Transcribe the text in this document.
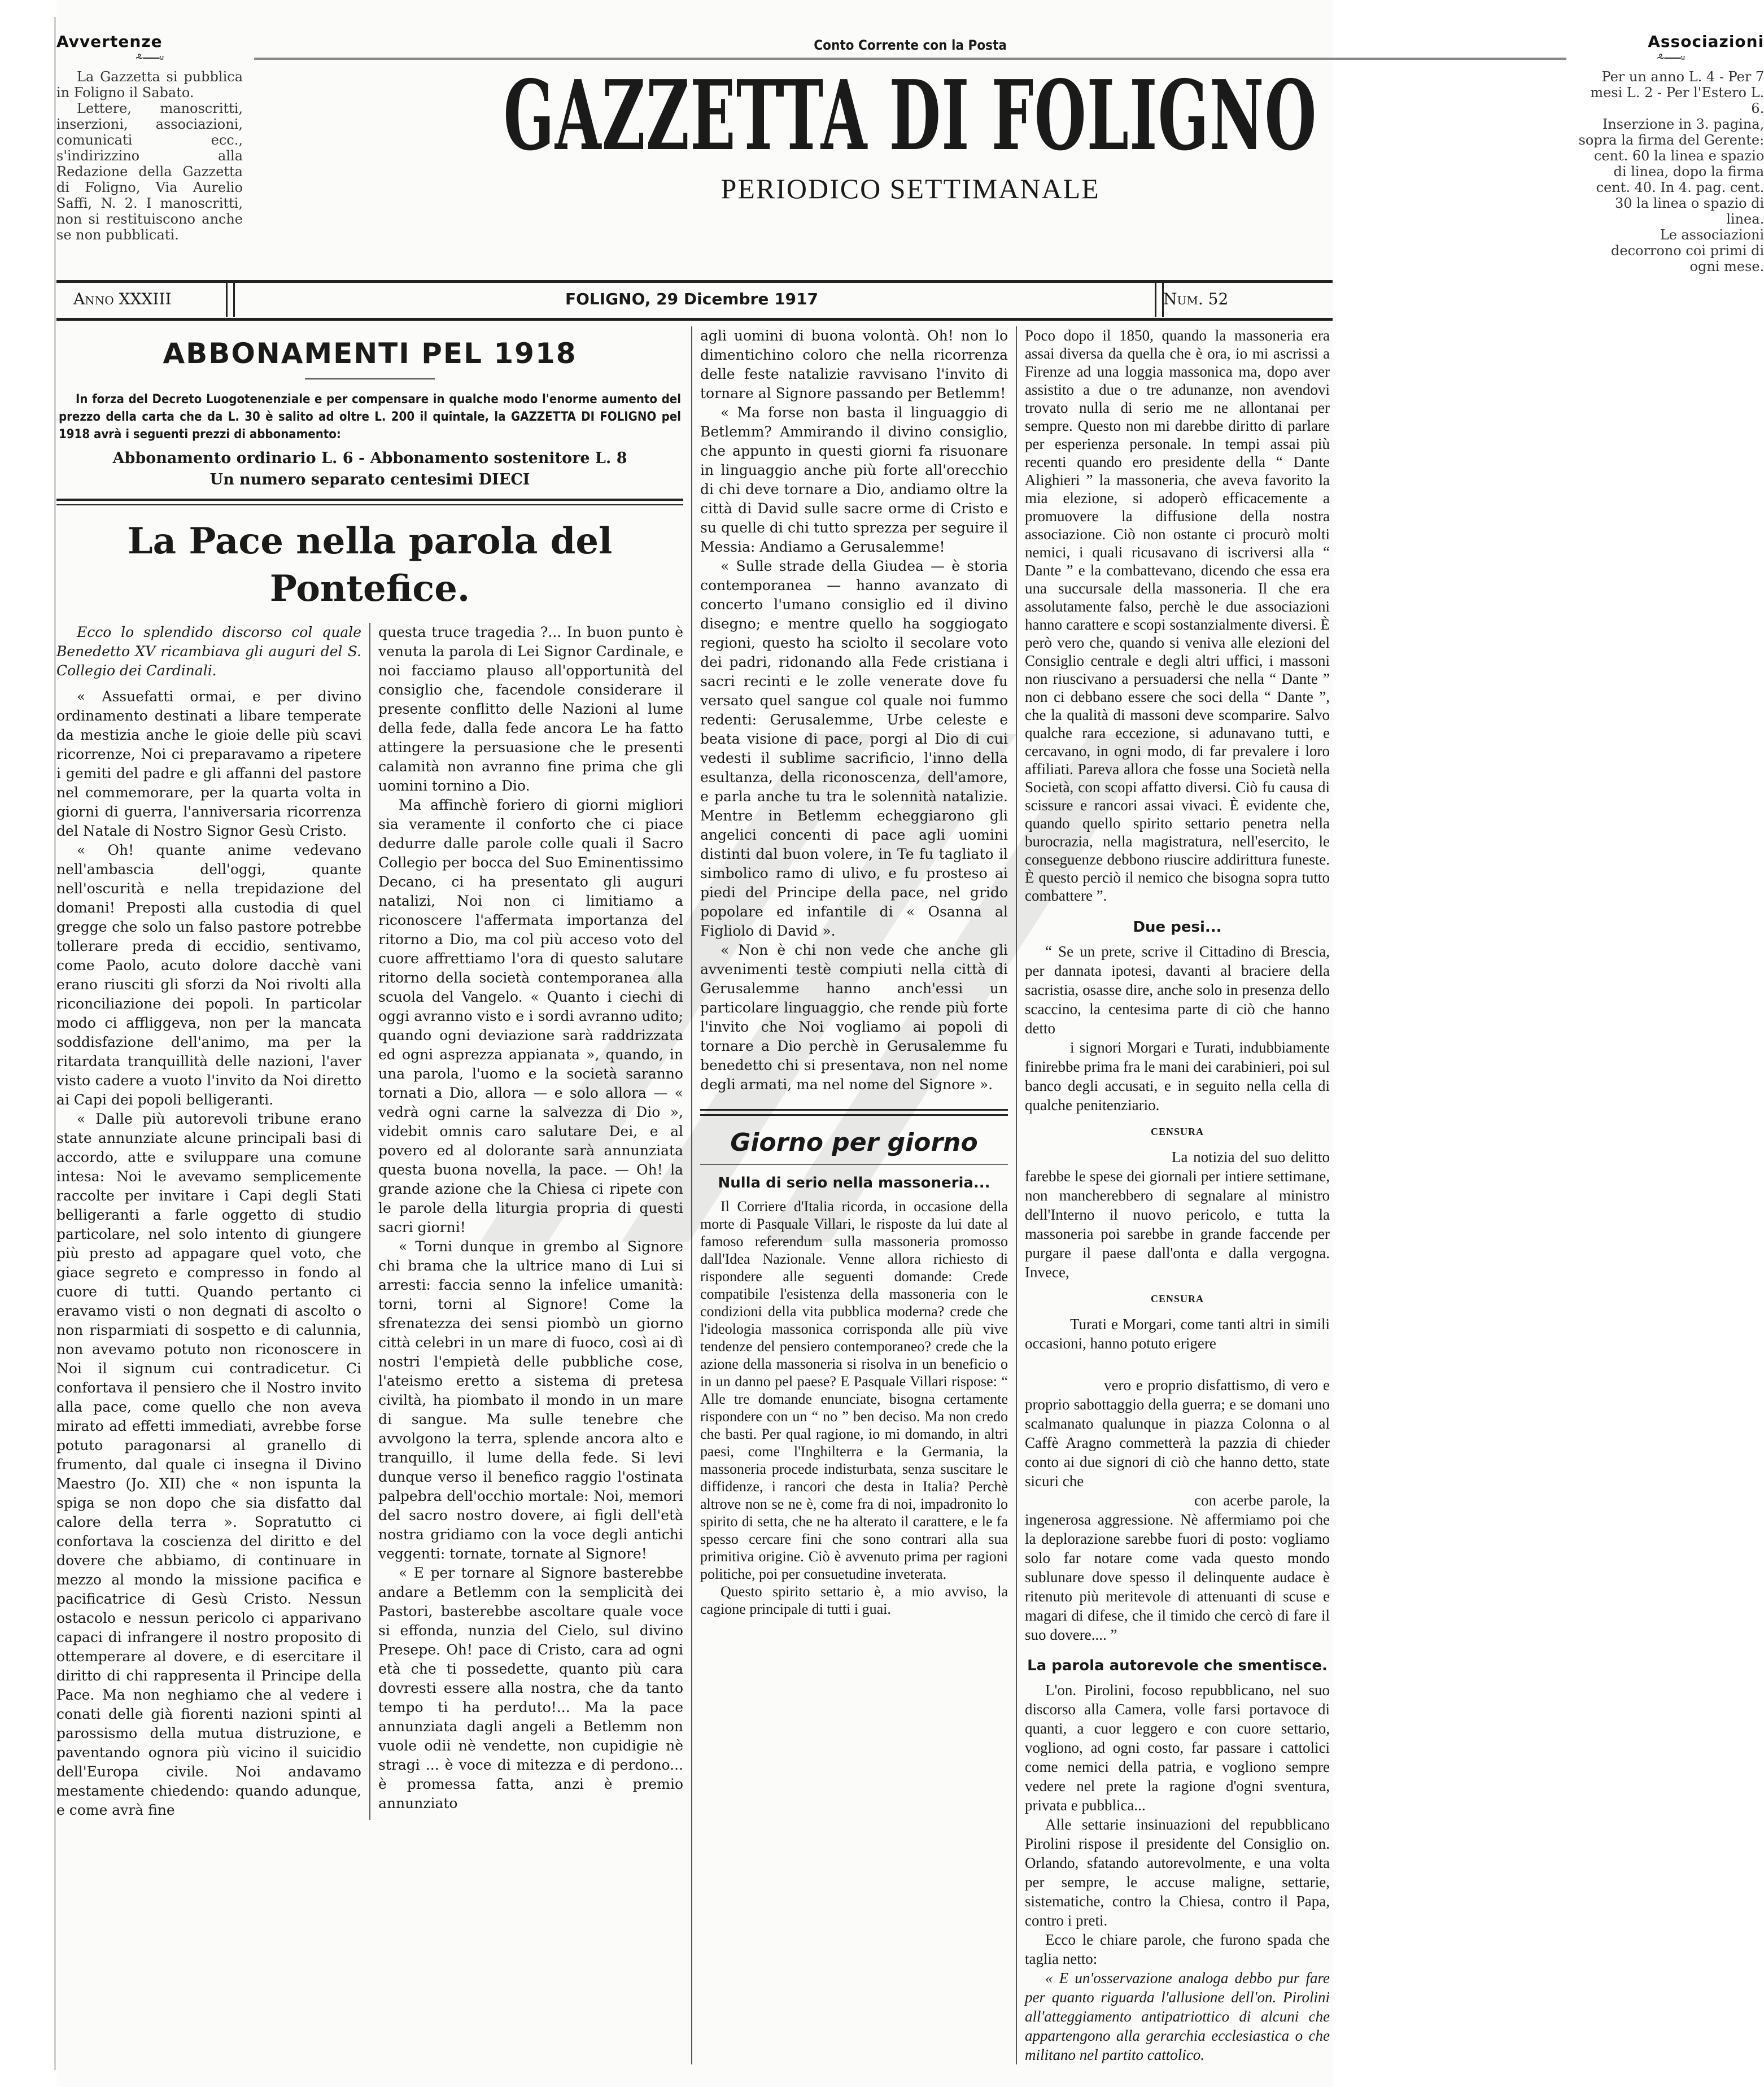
Avvertenze
⸛──⸚

La Gazzetta si pubblica in Foligno il Sabato.

Lettere, manoscritti, inserzioni, associazioni, comunicati ecc., s'indirizzino alla Redazione della Gazzetta di Foligno, Via Aurelio Saffi, N. 2. I manoscritti, non si restituiscono anche se non pubblicati.

Conto Corrente con la Posta
GAZZETTA DI FOLIGNO
PERIODICO SETTIMANALE
Associazioni
⸛──⸚

Per un anno L. 4 - Per 7 mesi L. 2 - Per l'Estero L. 6.

Inserzione in 3. pagina, sopra la firma del Gerente: cent. 60 la linea e spazio di linea, dopo la firma cent. 40. In 4. pag. cent. 30 la linea o spazio di linea.

Le associazioni decorrono coi primi di ogni mese.

Anno XXXIII	FOLIGNO, 29 Dicembre 1917	Num. 52
ABBONAMENTI PEL 1918
In forza del Decreto Luogotenenziale e per compensare in qualche modo l'enorme aumento del prezzo della carta che da L. 30 è salito ad oltre L. 200 il quintale, la GAZZETTA DI FOLIGNO pel 1918 avrà i seguenti prezzi di abbonamento:
Abbonamento ordinario L. 6 - Abbonamento sostenitore L. 8
Un numero separato centesimi DIECI
La Pace nella parola del Pontefice.

Ecco lo splendido discorso col quale Benedetto XV ricambiava gli auguri del S. Collegio dei Cardinali.

« Assuefatti ormai, e per divino ordinamento destinati a libare temperate da mestizia anche le gioie delle più scavi ricorrenze, Noi ci preparavamo a ripetere i gemiti del padre e gli affanni del pastore nel commemorare, per la quarta volta in giorni di guerra, l'anniversaria ricorrenza del Natale di Nostro Signor Gesù Cristo.

« Oh! quante anime vedevano nell'ambascia dell'oggi, quante nell'oscurità e nella trepidazione del domani! Preposti alla custodia di quel gregge che solo un falso pastore potrebbe tollerare preda di eccidio, sentivamo, come Paolo, acuto dolore dacchè vani erano riusciti gli sforzi da Noi rivolti alla riconciliazione dei popoli. In particolar modo ci affliggeva, non per la mancata soddisfazione dell'animo, ma per la ritardata tranquillità delle nazioni, l'aver visto cadere a vuoto l'invito da Noi diretto ai Capi dei popoli belligeranti.

« Dalle più autorevoli tribune erano state annunziate alcune principali basi di accordo, atte e sviluppare una comune intesa: Noi le avevamo semplicemente raccolte per invitare i Capi degli Stati belligeranti a farle oggetto di studio particolare, nel solo intento di giungere più presto ad appagare quel voto, che giace segreto e compresso in fondo al cuore di tutti. Quando pertanto ci eravamo visti o non degnati di ascolto o non risparmiati di sospetto e di calunnia, non avevamo potuto non riconoscere in Noi il signum cui contradicetur. Ci confortava il pensiero che il Nostro invito alla pace, come quello che non aveva mirato ad effetti immediati, avrebbe forse potuto paragonarsi al granello di frumento, dal quale ci insegna il Divino Maestro (Jo. XII) che « non ispunta la spiga se non dopo che sia disfatto dal calore della terra ». Sopratutto ci confortava la coscienza del diritto e del dovere che abbiamo, di continuare in mezzo al mondo la missione pacifica e pacificatrice di Gesù Cristo. Nessun ostacolo e nessun pericolo ci apparivano capaci di infrangere il nostro proposito di ottemperare al dovere, e di esercitare il diritto di chi rappresenta il Principe della Pace. Ma non neghiamo che al vedere i conati delle già fiorenti nazioni spinti al parossismo della mutua distruzione, e paventando ognora più vicino il suicidio dell'Europa civile. Noi andavamo mestamente chiedendo: quando adunque, e come avrà fine

questa truce tragedia ?... In buon punto è venuta la parola di Lei Signor Cardinale, e noi facciamo plauso all'opportunità del consiglio che, facendole considerare il presente conflitto delle Nazioni al lume della fede, dalla fede ancora Le ha fatto attingere la persuasione che le presenti calamità non avranno fine prima che gli uomini tornino a Dio.

Ma affinchè foriero di giorni migliori sia veramente il conforto che ci piace dedurre dalle parole colle quali il Sacro Collegio per bocca del Suo Eminentissimo Decano, ci ha presentato gli auguri natalizi, Noi non ci limitiamo a riconoscere l'affermata importanza del ritorno a Dio, ma col più acceso voto del cuore affrettiamo l'ora di questo salutare ritorno della società contemporanea alla scuola del Vangelo. « Quanto i ciechi di oggi avranno visto e i sordi avranno udito; quando ogni deviazione sarà raddrizzata ed ogni asprezza appianata », quando, in una parola, l'uomo e la società saranno tornati a Dio, allora — e solo allora — « vedrà ogni carne la salvezza di Dio », videbit omnis caro salutare Dei, e al povero ed al dolorante sarà annunziata questa buona novella, la pace. — Oh! la grande azione che la Chiesa ci ripete con le parole della liturgia propria di questi sacri giorni!

« Torni dunque in grembo al Signore chi brama che la ultrice mano di Lui si arresti: faccia senno la infelice umanità: torni, torni al Signore! Come la sfrenatezza dei sensi piombò un giorno città celebri in un mare di fuoco, così ai dì nostri l'empietà delle pubbliche cose, l'ateismo eretto a sistema di pretesa civiltà, ha piombato il mondo in un mare di sangue. Ma sulle tenebre che avvolgono la terra, splende ancora alto e tranquillo, il lume della fede. Si levi dunque verso il benefico raggio l'ostinata palpebra dell'occhio mortale: Noi, memori del sacro nostro dovere, ai figli dell'età nostra gridiamo con la voce degli antichi veggenti: tornate, tornate al Signore!

« E per tornare al Signore basterebbe andare a Betlemm con la semplicità dei Pastori, basterebbe ascoltare quale voce si effonda, nunzia del Cielo, sul divino Presepe. Oh! pace di Cristo, cara ad ogni età che ti possedette, quanto più cara dovresti essere alla nostra, che da tanto tempo ti ha perduto!... Ma la pace annunziata dagli angeli a Betlemm non vuole odii nè vendette, non cupidigie nè stragi ... è voce di mitezza e di perdono... è promessa fatta, anzi è premio annunziato

agli uomini di buona volontà. Oh! non lo dimentichino coloro che nella ricorrenza delle feste natalizie ravvisano l'invito di tornare al Signore passando per Betlemm!

« Ma forse non basta il linguaggio di Betlemm? Ammirando il divino consiglio, che appunto in questi giorni fa risuonare in linguaggio anche più forte all'orecchio di chi deve tornare a Dio, andiamo oltre la città di David sulle sacre orme di Cristo e su quelle di chi tutto sprezza per seguire il Messia: Andiamo a Gerusalemme!

« Sulle strade della Giudea — è storia contemporanea — hanno avanzato di concerto l'umano consiglio ed il divino disegno; e mentre quello ha soggiogato regioni, questo ha sciolto il secolare voto dei padri, ridonando alla Fede cristiana i sacri recinti e le zolle venerate dove fu versato quel sangue col quale noi fummo redenti: Gerusalemme, Urbe celeste e beata visione di pace, porgi al Dio di cui vedesti il sublime sacrificio, l'inno della esultanza, della riconoscenza, dell'amore, e parla anche tu tra le solennità natalizie. Mentre in Betlemm echeggiarono gli angelici concenti di pace agli uomini distinti dal buon volere, in Te fu tagliato il simbolico ramo di ulivo, e fu prosteso ai piedi del Principe della pace, nel grido popolare ed infantile di « Osanna al Figliolo di David ».

« Non è chi non vede che anche gli avvenimenti testè compiuti nella città di Gerusalemme hanno anch'essi un particolare linguaggio, che rende più forte l'invito che Noi vogliamo ai popoli di tornare a Dio perchè in Gerusalemme fu benedetto chi si presentava, non nel nome degli armati, ma nel nome del Signore ».

Giorno per giorno
Nulla di serio nella massoneria...

Il Corriere d'Italia ricorda, in occasione della morte di Pasquale Villari, le risposte da lui date al famoso referendum sulla massoneria promosso dall'Idea Nazionale. Venne allora richiesto di rispondere alle seguenti domande: Crede compatibile l'esistenza della massoneria con le condizioni della vita pubblica moderna? crede che l'ideologia massonica corrisponda alle più vive tendenze del pensiero contemporaneo? crede che la azione della massoneria si risolva in un beneficio o in un danno pel paese? E Pasquale Villari rispose: “ Alle tre domande enunciate, bisogna certamente rispondere con un “ no ” ben deciso. Ma non credo che basti. Per qual ragione, io mi domando, in altri paesi, come l'Inghilterra e la Germania, la massoneria procede indisturbata, senza suscitare le diffidenze, i rancori che desta in Italia? Perchè altrove non se ne è, come fra di noi, impadronito lo spirito di setta, che ne ha alterato il carattere, e le fa spesso cercare fini che sono contrari alla sua primitiva origine. Ciò è avvenuto prima per ragioni politiche, poi per consuetudine inveterata.

Questo spirito settario è, a mio avviso, la cagione principale di tutti i guai.

Poco dopo il 1850, quando la massoneria era assai diversa da quella che è ora, io mi ascrissi a Firenze ad una loggia massonica ma, dopo aver assistito a due o tre adunanze, non avendovi trovato nulla di serio me ne allontanai per sempre. Questo non mi darebbe diritto di parlare per esperienza personale. In tempi assai più recenti quando ero presidente della “ Dante Alighieri ” la massoneria, che aveva favorito la mia elezione, si adoperò efficacemente a promuovere la diffusione della nostra associazione. Ciò non ostante ci procurò molti nemici, i quali ricusavano di iscriversi alla “ Dante ” e la combattevano, dicendo che essa era una succursale della massoneria. Il che era assolutamente falso, perchè le due associazioni hanno carattere e scopi sostanzialmente diversi. È però vero che, quando si veniva alle elezioni del Consiglio centrale e degli altri uffici, i massoni non riuscivano a persuadersi che nella “ Dante ” non ci debbano essere che soci della “ Dante ”, che la qualità di massoni deve scomparire. Salvo qualche rara eccezione, si adunavano tutti, e cercavano, in ogni modo, di far prevalere i loro affiliati. Pareva allora che fosse una Società nella Società, con scopi affatto diversi. Ciò fu causa di scissure e rancori assai vivaci. È evidente che, quando quello spirito settario penetra nella burocrazia, nella magistratura, nell'esercito, le conseguenze debbono riuscire addirittura funeste. È questo perciò il nemico che bisogna sopra tutto combattere ”.

Due pesi...

“ Se un prete, scrive il Cittadino di Brescia, per dannata ipotesi, davanti al braciere della sacristia, osasse dire, anche solo in presenza dello scaccino, la centesima parte di ciò che hanno detto

i signori Morgari e Turati, indubbiamente finirebbe prima fra le mani dei carabinieri, poi sul banco degli accusati, e in seguito nella cella di qualche penitenziario.

CENSURA

La notizia del suo delitto farebbe le spese dei giornali per intiere settimane, non mancherebbero di segnalare al ministro dell'Interno il nuovo pericolo, e tutta la massoneria poi sarebbe in grande faccende per purgare il paese dall'onta e dalla vergogna. Invece,

CENSURA

Turati e Morgari, come tanti altri in simili occasioni, hanno potuto erigere

vero e proprio disfattismo, di vero e proprio sabottaggio della guerra; e se domani uno scalmanato qualunque in piazza Colonna o al Caffè Aragno commetterà la pazzia di chieder conto ai due signori di ciò che hanno detto, state sicuri che

con acerbe parole, la ingenerosa aggressione. Nè affermiamo poi che la deplorazione sarebbe fuori di posto: vogliamo solo far notare come vada questo mondo sublunare dove spesso il delinquente audace è ritenuto più meritevole di attenuanti di scuse e magari di difese, che il timido che cercò di fare il suo dovere.... ”

La parola autorevole che smentisce.

L'on. Pirolini, focoso repubblicano, nel suo discorso alla Camera, volle farsi portavoce di quanti, a cuor leggero e con cuore settario, vogliono, ad ogni costo, far passare i cattolici come nemici della patria, e vogliono sempre vedere nel prete la ragione d'ogni sventura, privata e pubblica...

Alle settarie insinuazioni del repubblicano Pirolini rispose il presidente del Consiglio on. Orlando, sfatando autorevolmente, e una volta per sempre, le accuse maligne, settarie, sistematiche, contro la Chiesa, contro il Papa, contro i preti.

Ecco le chiare parole, che furono spada che taglia netto:

« E un'osservazione analoga debbo pur fare per quanto riguarda l'allusione dell'on. Pirolini all'atteggiamento antipatriottico di alcuni che appartengono alla gerarchia ecclesiastica o che militano nel partito cattolico.
